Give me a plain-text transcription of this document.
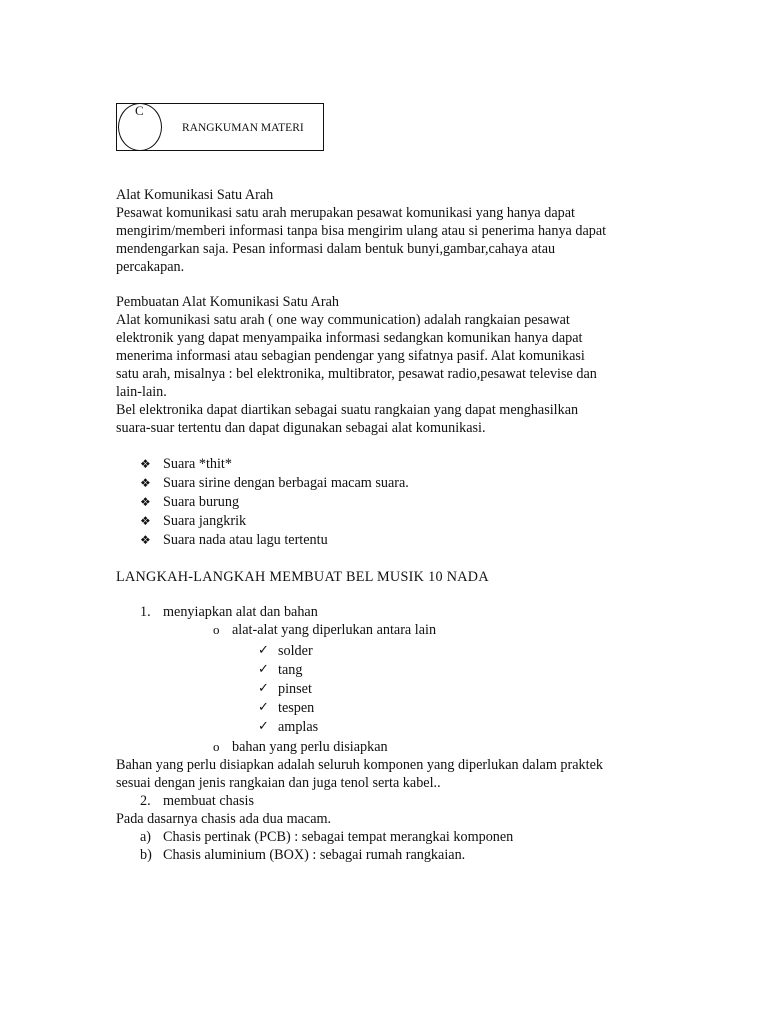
C
RANGKUMAN MATERI
Alat Komunikasi Satu Arah
Pesawat komunikasi satu arah merupakan pesawat komunikasi yang hanya dapat
mengirim/memberi informasi tanpa bisa mengirim ulang atau si penerima hanya dapat
mendengarkan saja. Pesan informasi dalam bentuk bunyi,gambar,cahaya atau
percakapan.
Pembuatan Alat Komunikasi Satu Arah
Alat komunikasi satu arah ( one way communication) adalah rangkaian pesawat
elektronik yang dapat menyampaika informasi sedangkan komunikan hanya dapat
menerima informasi atau sebagian pendengar yang sifatnya pasif. Alat komunikasi
satu arah, misalnya : bel elektronika, multibrator, pesawat radio,pesawat televise dan
lain-lain.
Bel elektronika dapat diartikan sebagai suatu rangkaian yang dapat menghasilkan
suara-suar tertentu dan dapat digunakan sebagai alat komunikasi.
❖ Suara *thit*
❖ Suara sirine dengan berbagai macam suara.
❖ Suara burung
❖ Suara jangkrik
❖ Suara nada atau lagu tertentu
LANGKAH-LANGKAH MEMBUAT BEL MUSIK 10 NADA
1. menyiapkan alat dan bahan
o alat-alat yang diperlukan antara lain
✓ solder
✓ tang
✓ pinset
✓ tespen
✓ amplas
o bahan yang perlu disiapkan
Bahan yang perlu disiapkan adalah seluruh komponen yang diperlukan dalam praktek
sesuai dengan jenis rangkaian dan juga tenol serta kabel..
2. membuat chasis
Pada dasarnya chasis ada dua macam.
a) Chasis pertinak (PCB) : sebagai tempat merangkai komponen
b) Chasis aluminium (BOX) : sebagai rumah rangkaian.
